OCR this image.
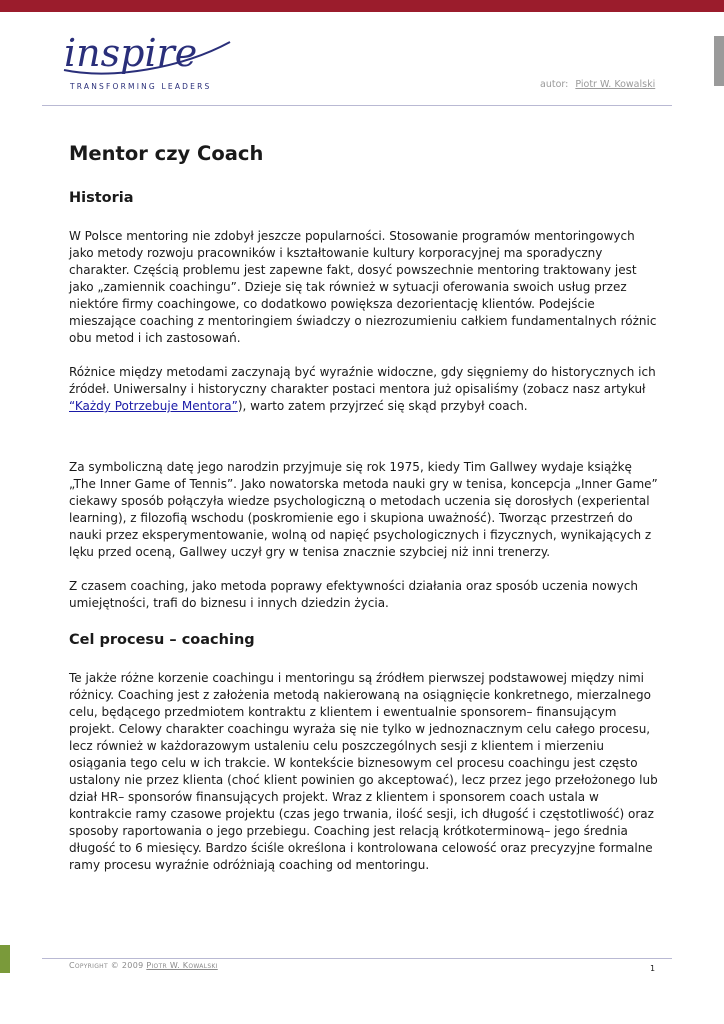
inspire
TRANSFORMING LEADERS	autor: Piotr W. Kowalski
Mentor czy Coach
Historia

W Polsce mentoring nie zdobył jeszcze popularności. Stosowanie programów mentoringowych jako metody rozwoju pracowników i kształtowanie kultury korporacyjnej ma sporadyczny charakter. Częścią problemu jest zapewne fakt, dosyć powszechnie mentoring traktowany jest jako „zamiennik coachingu”. Dzieje się tak również w sytuacji oferowania swoich usług przez niektóre firmy coachingowe, co dodatkowo powiększa dezorientację klientów. Podejście mieszające coaching z mentoringiem świadczy o niezrozumieniu całkiem fundamentalnych różnic obu metod i ich zastosowań.

Różnice między metodami zaczynają być wyraźnie widoczne, gdy sięgniemy do historycznych ich źródeł. Uniwersalny i historyczny charakter postaci mentora już opisaliśmy (zobacz nasz artykuł “Każdy Potrzebuje Mentora”), warto zatem przyjrzeć się skąd przybył coach.

Za symboliczną datę jego narodzin przyjmuje się rok 1975, kiedy Tim Gallwey wydaje książkę „The Inner Game of Tennis”. Jako nowatorska metoda nauki gry w tenisa, koncepcja „Inner Game” ciekawy sposób połączyła wiedze psychologiczną o metodach uczenia się dorosłych (experiental learning), z filozofią wschodu (poskromienie ego i skupiona uważność). Tworząc przestrzeń do nauki przez eksperymentowanie, wolną od napięć psychologicznych i fizycznych, wynikających z lęku przed oceną, Gallwey uczył gry w tenisa znacznie szybciej niż inni trenerzy.

Z czasem coaching, jako metoda poprawy efektywności działania oraz sposób uczenia nowych umiejętności, trafi do biznesu i innych dziedzin życia.

Cel procesu – coaching

Te jakże różne korzenie coachingu i mentoringu są źródłem pierwszej podstawowej między nimi różnicy. Coaching jest z założenia metodą nakierowaną na osiągnięcie konkretnego, mierzalnego celu, będącego przedmiotem kontraktu z klientem i ewentualnie sponsorem– finansującym projekt. Celowy charakter coachingu wyraża się nie tylko w jednoznacznym celu całego procesu, lecz również w każdorazowym ustaleniu celu poszczególnych sesji z klientem i mierzeniu osiągania tego celu w ich trakcie. W kontekście biznesowym cel procesu coachingu jest często ustalony nie przez klienta (choć klient powinien go akceptować), lecz przez jego przełożonego lub dział HR– sponsorów finansujących projekt. Wraz z klientem i sponsorem coach ustala w kontrakcie ramy czasowe projektu (czas jego trwania, ilość sesji, ich długość i częstotliwość) oraz sposoby raportowania o jego przebiegu. Coaching jest relacją krótkoterminową– jego średnia długość to 6 miesięcy. Bardzo ściśle określona i kontrolowana celowość oraz precyzyjne formalne ramy procesu wyraźnie odróżniają coaching od mentoringu.

Copyright © 2009 Piotr W. Kowalski	1
